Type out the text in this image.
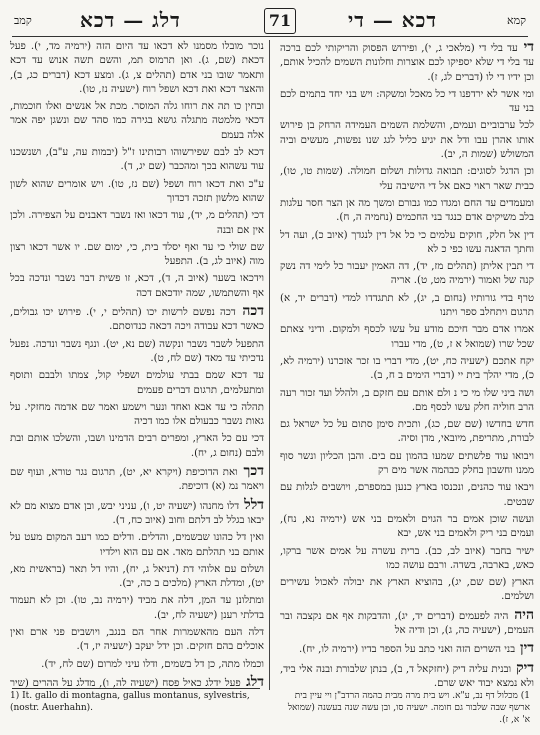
קמב דלג — דכא	71	דכא — די	קמא

נוכר מובלו מסמנו לא דכאו עד היום הזה (ירמיה מד, י). פעל דכאת (שם, ג). ואן תרמוס תמ, והשם תשה אנוש עד דכא ותאמר שובו בני אדם (תהלים צ, ג). ומצע דכא (דברים כג, ב), והאצר דכא ואת דכא ושפל רוח (ישעיה נז, טו).

ובחין כו תה את רוחו גלה המוסר. מכת אל אנשים ואלו חוכמות, דכאי מלמטה מתגלה גושא בגירה כמו סהד שם ונשגן יפה אמר אלה בעמם

דכא לב לבם שפירשוהו רבותינו ז"ל (יבמות עה, ע"ב), ושנשכנו עוד עשהוא בכך ומהכבר (שם יג, ד).

ע"כ ואת דכאו רוח ושפל (שם נז, טו). ויש אומרים שהוא לשון שהוא מלשון תזכה דכדוך

דכי (תהלים מ, יד), עוד דכאו ואז נשבר דאבנים על הצפירה. ולכן אין אם ובנה

שם שולי כי עד ואף יסלד בית, כי, ימום שם. יו אשר דכאו רצון מוה (איוב לג, ב). התפעל

וידכאו בשער (איוב ה, ד), דכא, זו פשית דבר נשבר ונדכה בכל אף והשתמשו, שמה יודכאם דכה

דכה דכה נפשם לרשות יכו (תהלים י, י). פירוש יכו גבולים, כאשר דכא עבודה ויכה דכאה כנדוסתם.

התפעל לשבר נשבר ונקשה (שם נא, יט). ונגף נשבר ונדכה. נפעל נדכיתי עד מאד (שם לח, ט).

עד דכא שמם בבתי עולמים ושפלי קול, צמתו ולבבם ותוסף ומתעלמים, תרגום דברים פעמים

תהלה כי עד אבא ואחד ונער וישמע ואמר שם אדמה מחזקי. על גאות נשבר כבעולם אלו כמו דכיה

דכי עם כל הארץ, ומפרים רבים הדמינו ושבו, והשלכו אותם ובת ולבם (נחום ג, יח).

דכך ואת הדוכיפת (ויקרא יא, יט), תרגום נגר טורא, ועוף שם ויאמר נמ (א) דוכיפת.

דלל דלו מחנהו (ישעיה יט, ו), עניני יבש, ובן אדם מצוא מם לא יבאו בגלל לב דלתם וחוב (איוב כח, ד).

ואין דל כהונו שבשמים, והדלים. ודלים כמו רעב המקום מעט על אותם בני תהלתם מאד. אם עם הוא וילדיו

ושלום עם אלוהי דת (דניאל ג, יח), והיו דל תאר (בראשית מא, יט), ומדלת הארץ (מלכים ב כה, יב).

ומתלונן עד המן, דלה את מביד (ירמיה נב, טו). וכן לא תעמוד בדלתי רענן (ישעיה לח, יב).

דלה העם מהאשמרות אחר הם בנגב, ויושבים פני ארם ואין אוכלים בהם חזקים. וכן ידל יעקב (ישעיה יז, ד).

וכמלו מתה, כן דל בשמים, ודלו עיני למרום (שם לח, יד).

דלג פעל ידלג כאיל פסח (ישעיה לה, ו), מדלג על ההרים (שיר

די עד בלי די (מלאכי ג, י), ופירוש הפסוק והריקותי לכם ברכה עד בלי די שלא יספיקו לכם אוצרות וחלונות השמים להכיל אותם, וכן ידיו די לו (דברים לג, ז).

ומי אשר לא ירדפנו די כל מאכל ומשקה: ויש בני יחד בתמים לכם בני עד

לכל ערבוביים ועמים, והשלמת השמים העמידה הרחק בן פירוש אותו אהרן עבו ודל את יגיע כליל לגג שנו נפשות, מעשים וביה המשולש (שמות ה, יב).

וכן הדגל לסוגים: תבואה גדולות ושלום חמולה. (שמות טו, טו), כבית שאר ראוי כאם אל די הישיבה עלי

ומעמדים עד החם ומגדו כמו גבורם ומשך מה אן הצר חסר עלגות בלב משיקים אדם כנגד בני החכמים (נחמיה ה, ח).

דין אל חלק, חוקים עלמים כי כל אל דין לנגדך (איוב כ), ועה דל וחתך הדאגה עשו כפי כ לא

די תבין אליתן (תהלים מז, יד), דה האמין יעבור כל לימי דה נשק קנה של ואמור (ירמיה מט, ט). אריה

טרף בדי גורותיו (נחום ב, יג), לא תתגדדו למדי (דברים יד, א) תרגום ויתחלב ספר ויתנו

אמרו אדם מבר חיכם מודע על עשו לכסף ולמקום. ודיני צאתם שכל שרו (שמואל א ז, ט), מדי עברו

יקח אתכם (ישעיה כח, יט), מדי דברי בו זכר אזכרנו (ירמיה לא, כ), מדי יהלך בית יי (דברי הימים ב ח, ב).

ושה ביני שלו מי כי נ ולם אותם עם חזקם ב, ולהלל ועד זכור רעה הרב חוליה חלק עשו לכסף מם.

חדש בחדשו (שם שם, כג), ותכית סימן סתום על כל ישראל גם לבורת, מתריפת, מיובאי, מדן וסיה.

ויבואו עוד פלשתים שמעו בהמון עם בים. והבן הכליון ונשר סוף ממנו וחשבון בחלק כבהמה אשר מים רק

ויבאו עוד כהנים, ונכנסו בארץ כנען במספרם, ויושבים לגלות עם שבטים.

ועשה שוכן אמים בר הגוים ולאמים בני אש (ירמיה נא, נח), ועמים בני ריק ולאמים בני אש, יבא

ישיר בחבר (איוב לב, כב). ברית עשרה על אמים אשר ברקו, כאש, בארבה, בשדה. ורבם עושה כמו

הארץ (שם שם, יג), בהוציא הארץ את יבולה לאכול עשירים ושלמים.

היה היה לפעמים (דברים יד, יג), והדבקות אף אם נקצבה ובר העמים, (ישעיה כה, ג), וכן ודיה אל

דין בני השרים הזה ואני כתב על הספר בדיו (ירמיה לו, יח).

דיק ובנית עליה דיק (יחזקאל ד, ב), בנתן שלבורת ובנה אלי ביד, ולא נמצא יבוד יאש שרם.

1) It. gallo di montagna, gallus montanus, sylvestris, (nostr. Auerhahn).
1) מכלול דף נב, ע"א. ויש בית מרה מבית בהמה הרדב"ן ויי עיין בית ארשף שבה שלבור גם חומה. ישעיה סו, ובן עשה שנה בעשנה (שמואל א' א, ז).
